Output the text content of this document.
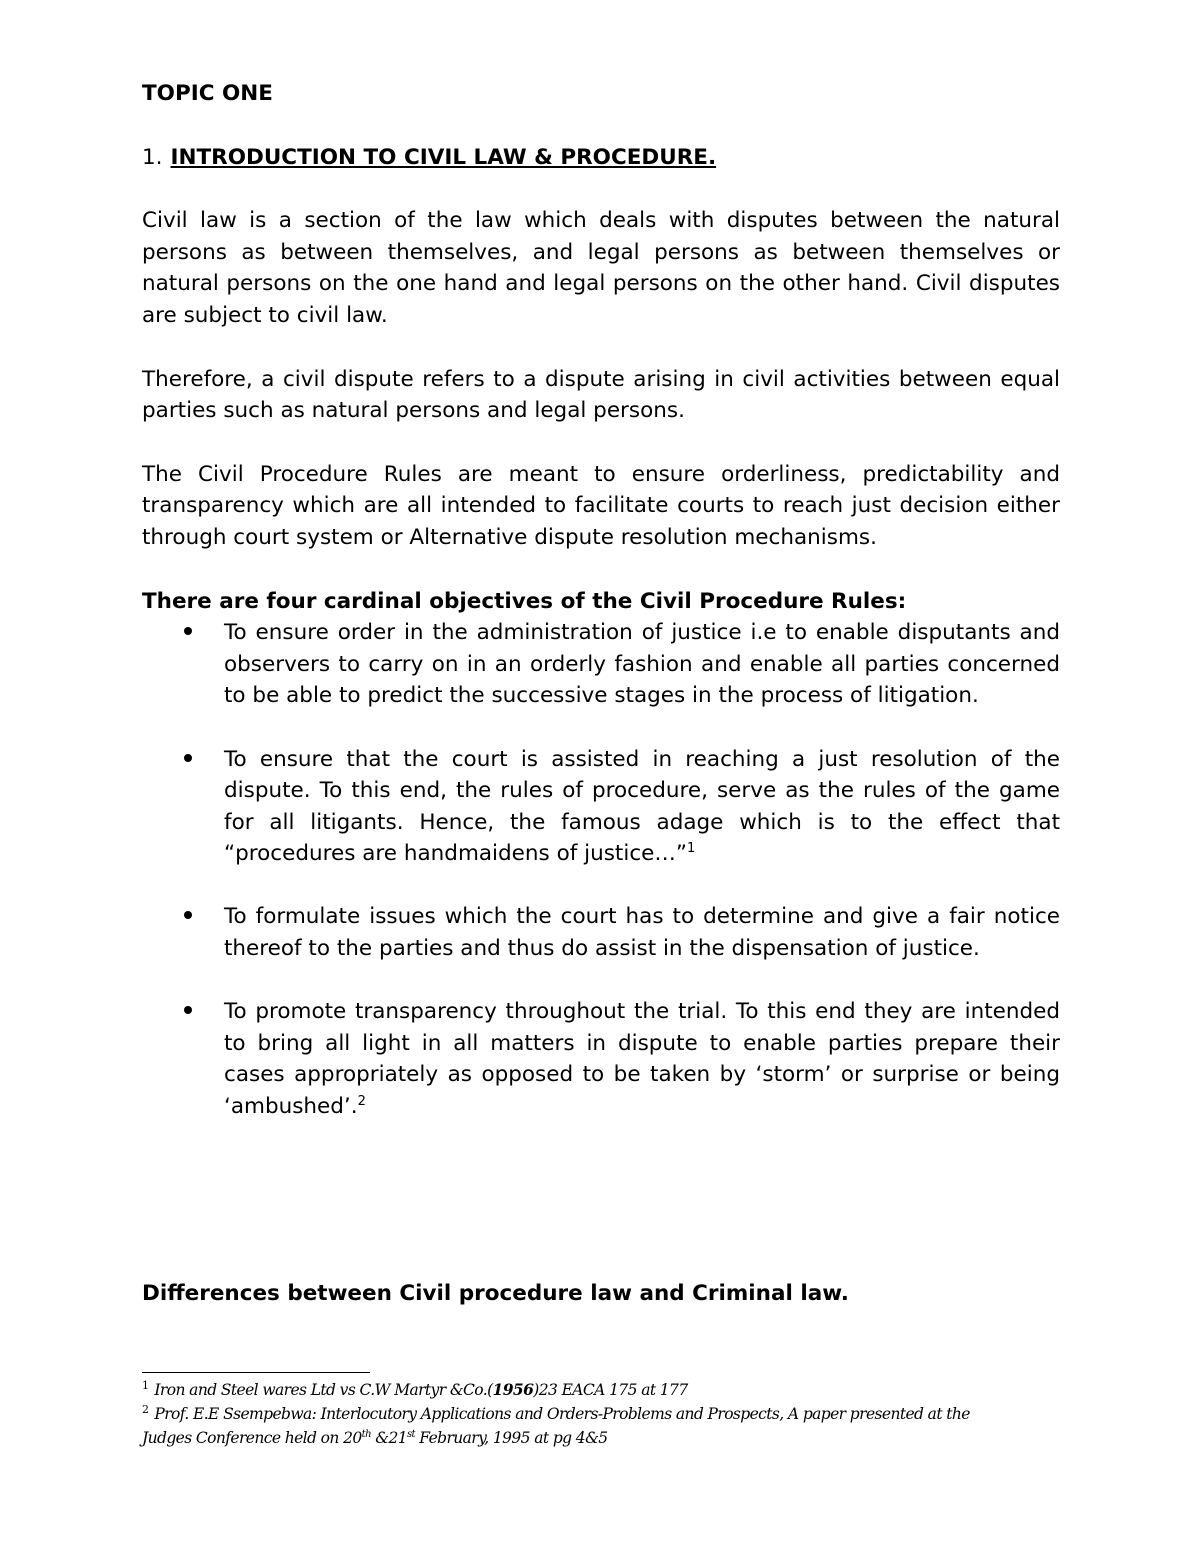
TOPIC ONE

1. INTRODUCTION TO CIVIL LAW & PROCEDURE.

Civil law is a section of the law which deals with disputes between the natural persons as between themselves, and legal persons as between themselves or natural persons on the one hand and legal persons on the other hand. Civil disputes are subject to civil law.

Therefore, a civil dispute refers to a dispute arising in civil activities between equal parties such as natural persons and legal persons.

The Civil Procedure Rules are meant to ensure orderliness, predictability and transparency which are all intended to facilitate courts to reach just decision either through court system or Alternative dispute resolution mechanisms.

There are four cardinal objectives of the Civil Procedure Rules:

To ensure order in the administration of justice i.e to enable disputants and observers to carry on in an orderly fashion and enable all parties concerned to be able to predict the successive stages in the process of litigation.
To ensure that the court is assisted in reaching a just resolution of the dispute. To this end, the rules of procedure, serve as the rules of the game for all litigants. Hence, the famous adage which is to the effect that “procedures are handmaidens of justice…”$^1$
To formulate issues which the court has to determine and give a fair notice thereof to the parties and thus do assist in the dispensation of justice.
To promote transparency throughout the trial. To this end they are intended to bring all light in all matters in dispute to enable parties prepare their cases appropriately as opposed to be taken by ‘storm’ or surprise or being ‘ambushed’.$^2$

Differences between Civil procedure law and Criminal law.

$^1$ Iron and Steel wares Ltd vs C.W Martyr &Co.(1956)23 EACA 175 at 177

$^2$ Prof. E.E Ssempebwa: Interlocutory Applications and Orders-Problems and Prospects, A paper presented at the

Judges Conference held on 20th &21st February, 1995 at pg 4&5
